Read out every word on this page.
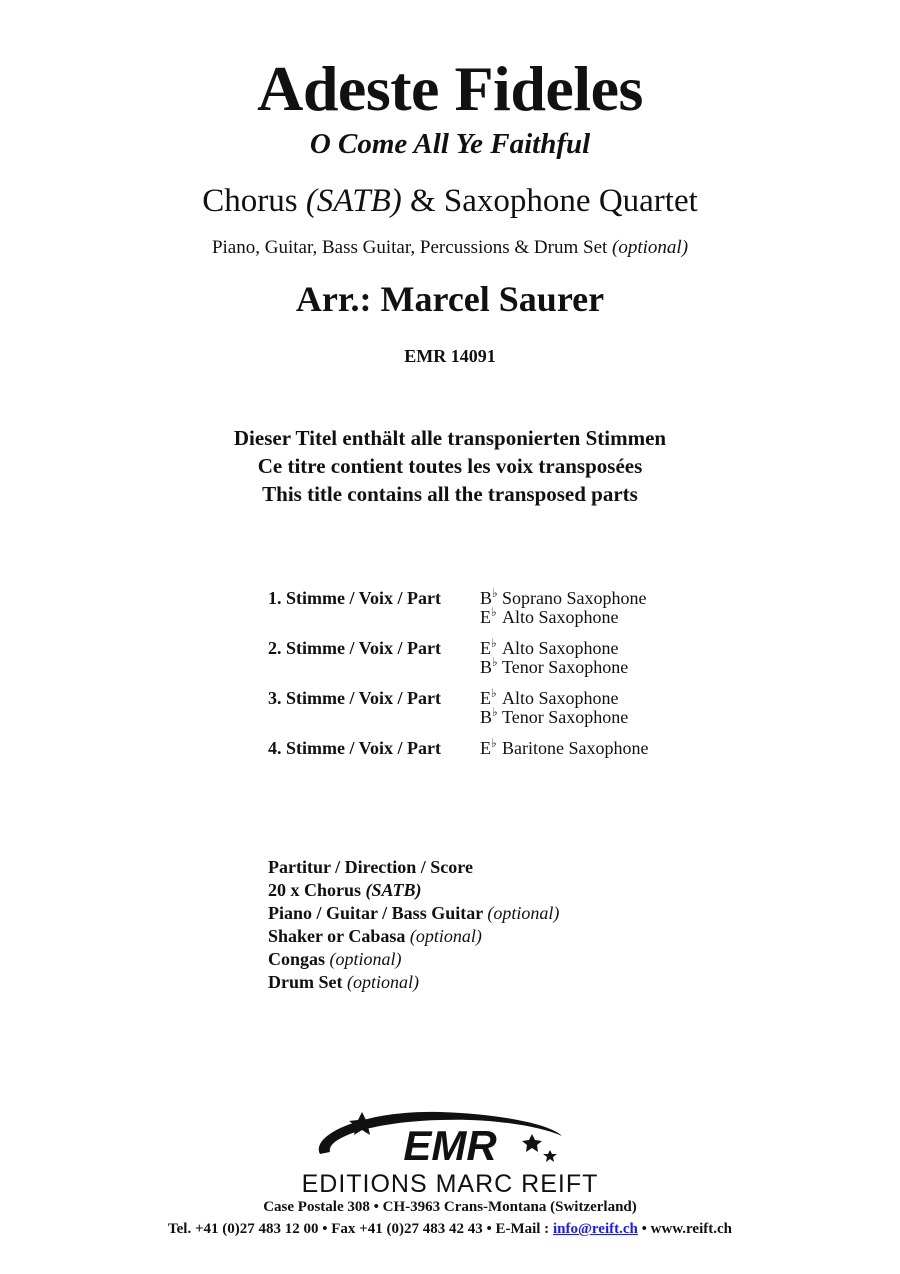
Adeste Fideles
O Come All Ye Faithful
Chorus (SATB) & Saxophone Quartet
Piano, Guitar, Bass Guitar, Percussions & Drum Set (optional)
Arr.: Marcel Saurer
EMR 14091
Dieser Titel enthält alle transponierten Stimmen
Ce titre contient toutes les voix transposées
This title contains all the transposed parts
1. Stimme / Voix / Part	B♭ Soprano Saxophone
E♭ Alto Saxophone
2. Stimme / Voix / Part	E♭ Alto Saxophone
B♭ Tenor Saxophone
3. Stimme / Voix / Part	E♭ Alto Saxophone
B♭ Tenor Saxophone
4. Stimme / Voix / Part	E♭ Baritone Saxophone
Partitur / Direction / Score
20 x Chorus (SATB)
Piano / Guitar / Bass Guitar (optional)
Shaker or Cabasa (optional)
Congas (optional)
Drum Set (optional)
EMR
EDITIONS MARC REIFT
Case Postale 308 • CH-3963 Crans-Montana (Switzerland)
Tel. +41 (0)27 483 12 00 • Fax +41 (0)27 483 42 43 • E-Mail : info@reift.ch • www.reift.ch
